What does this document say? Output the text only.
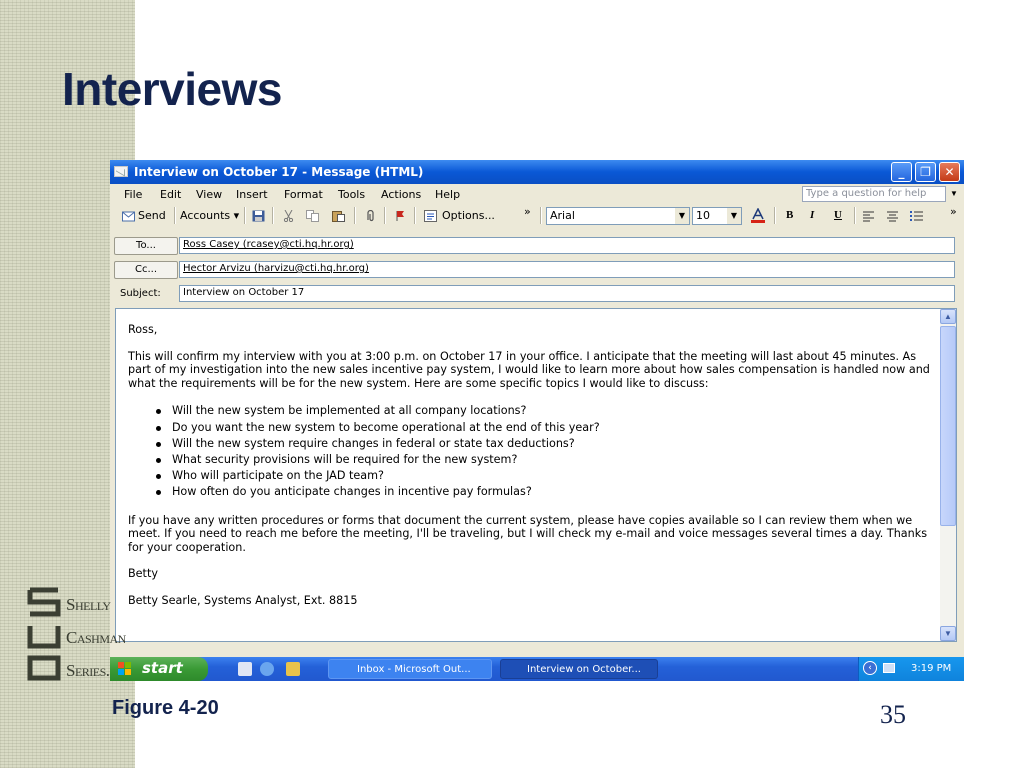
Interviews
Interview on October 17 - Message (HTML)	_	❐	✕
File Edit View Insert Format Tools Actions Help	Type a question for help	▼
Send Accounts ▾	Options...	»	Arial	▼ 10	▼	B I U	»
To...	Ross Casey (rcasey@cti.hq.hr.org)
Cc...	Hector Arvizu (harvizu@cti.hq.hr.org)
Subject:	Interview on October 17

Ross,

This will confirm my interview with you at 3:00 p.m. on October 17 in your office. I anticipate that the meeting will last about 45 minutes. As part of my investigation into the new sales incentive pay system, I would like to learn more about how sales compensation is handled now and what the requirements will be for the new system. Here are some specific topics I would like to discuss:

Will the new system be implemented at all company locations?
Do you want the new system to become operational at the end of this year?
Will the new system require changes in federal or state tax deductions?
What security provisions will be required for the new system?
Who will participate on the JAD team?
How often do you anticipate changes in incentive pay formulas?

If you have any written procedures or forms that document the current system, please have copies available so I can review them when we meet. If you need to reach me before the meeting, I'll be traveling, but I will check my e-mail and voice messages several times a day. Thanks for your cooperation.

Betty

Betty Searle, Systems Analyst, Ext. 8815

▲
▼
start	Inbox - Microsoft Out...	Interview on October...	‹	3:19 PM
Shelly
Cashman
Series.
Figure 4-20	35
